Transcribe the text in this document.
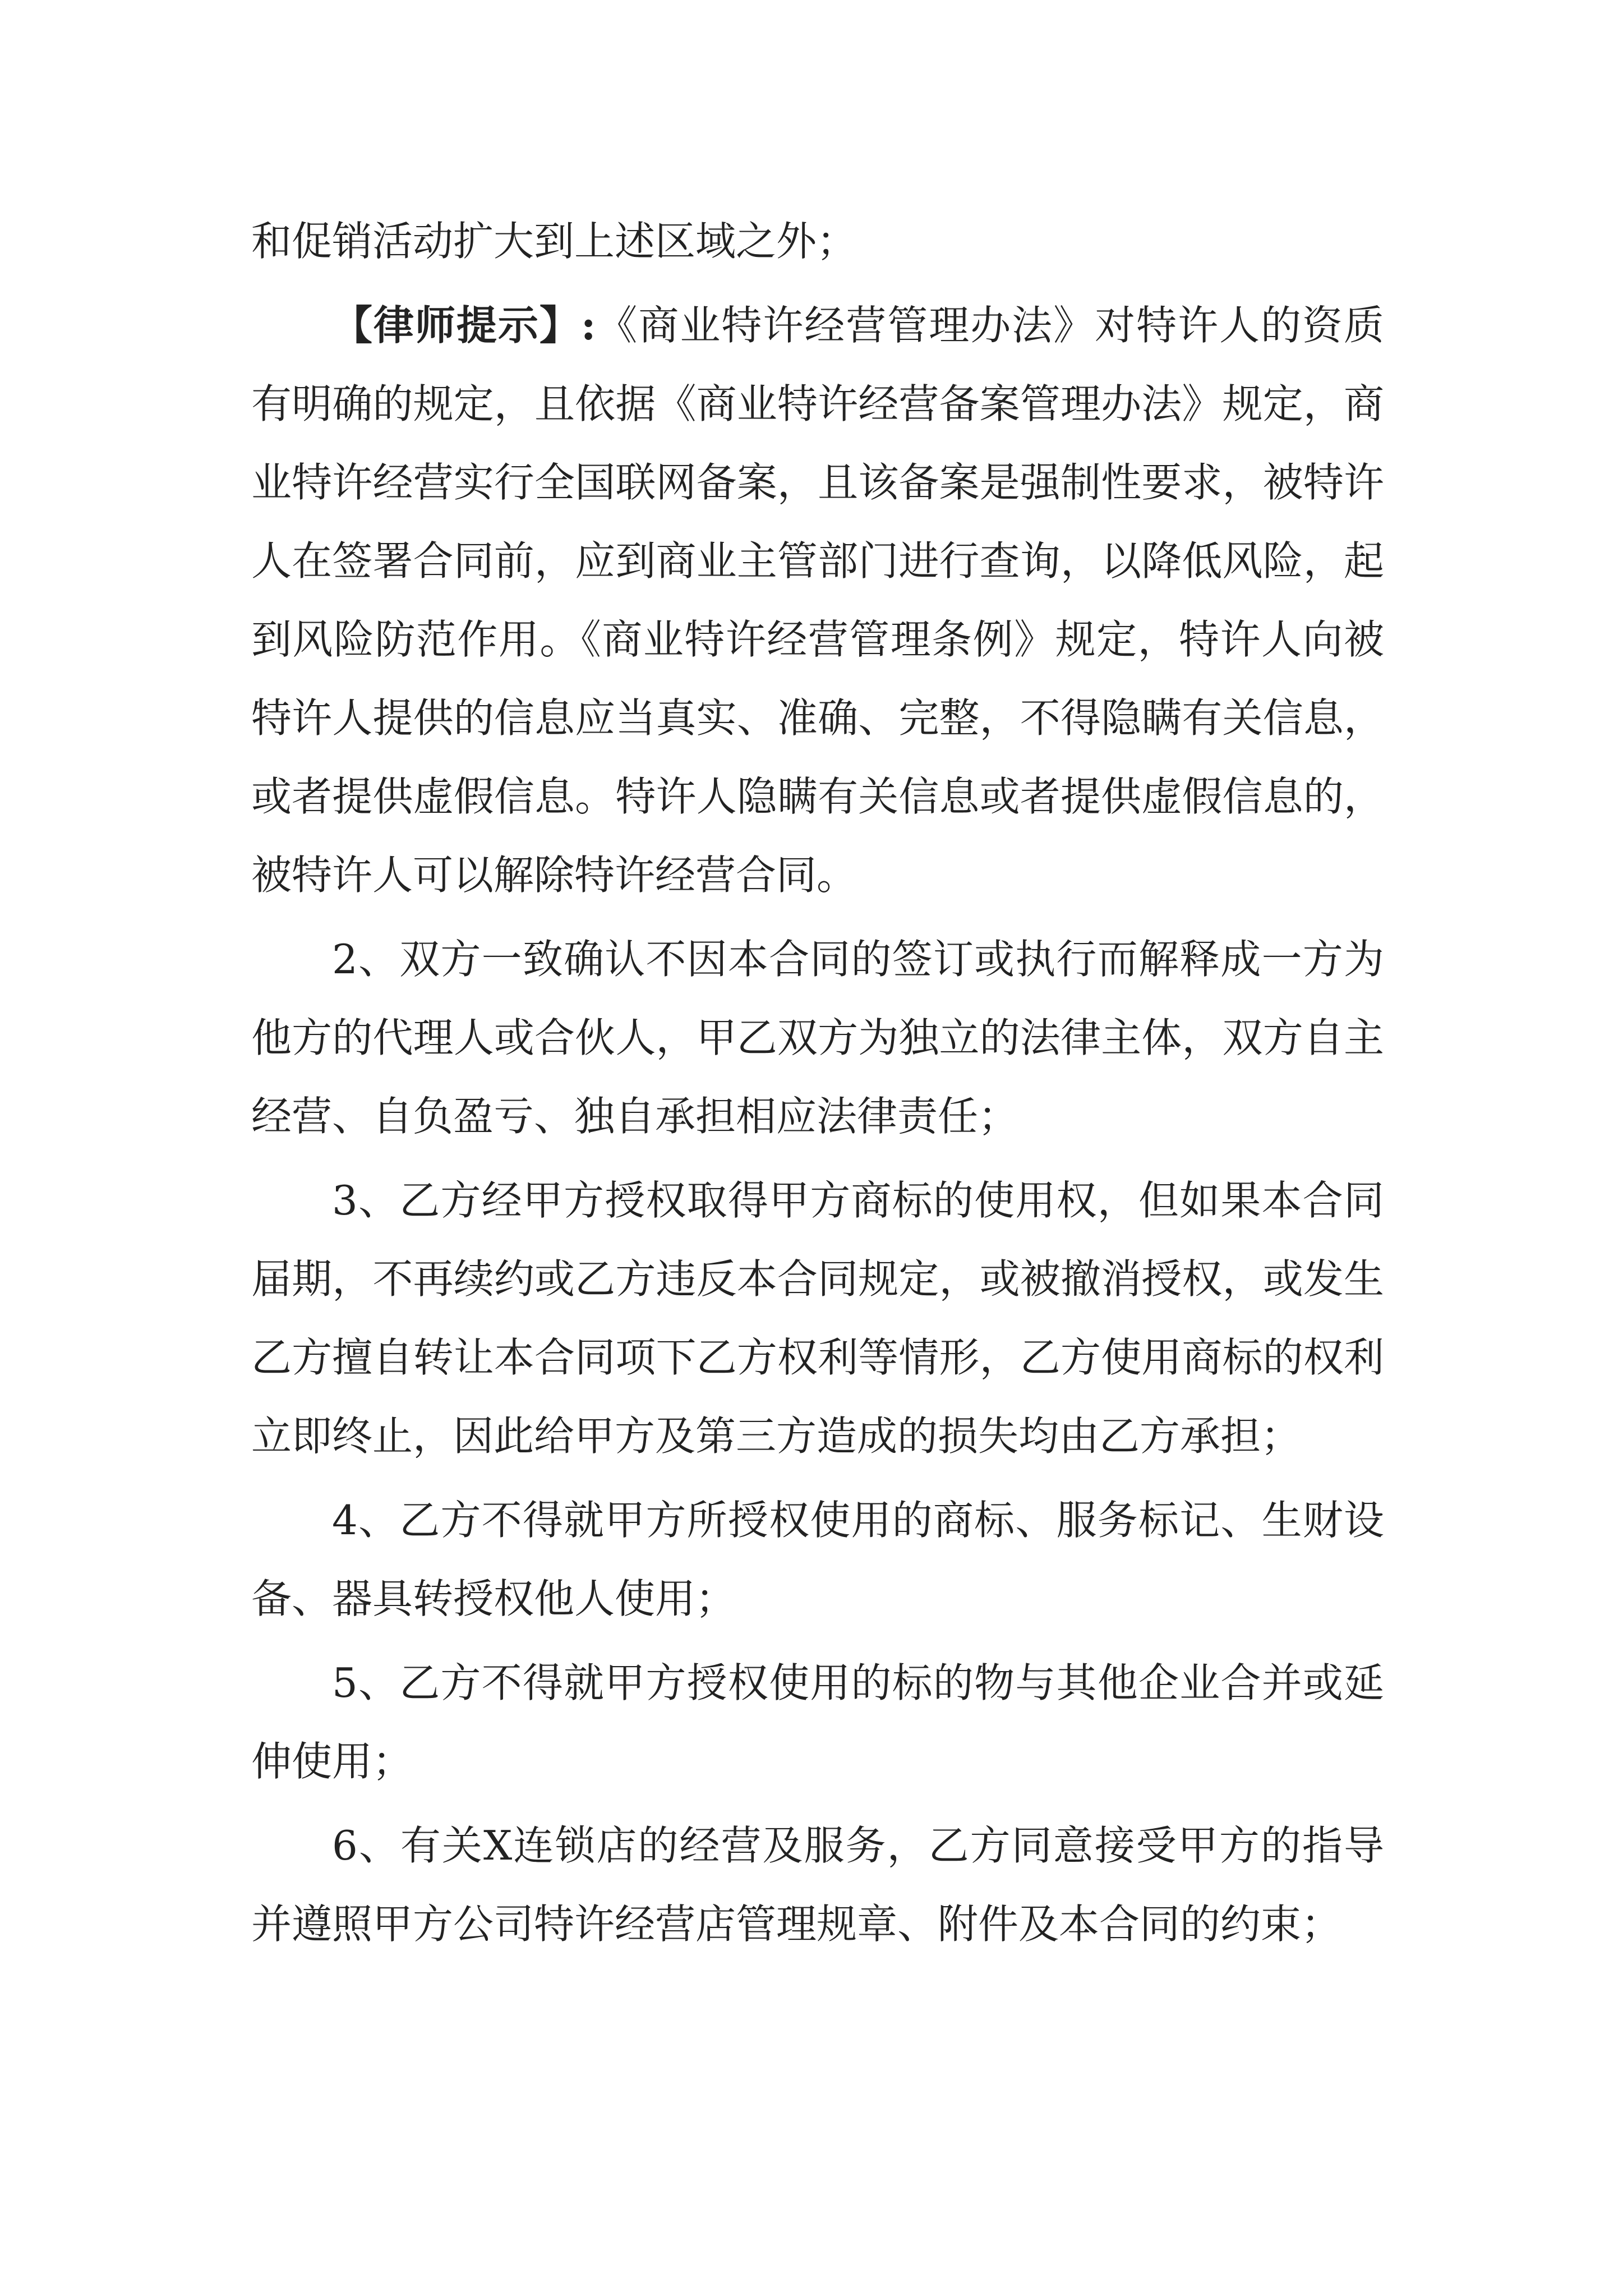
和促销活动扩大到上述区域之外；

【律师提示】:《商业特许经营管理办法》对特许人的资质有明确的规定，且依据《商业特许经营备案管理办法》规定，商业特许经营实行全国联网备案，且该备案是强制性要求，被特许人在签署合同前，应到商业主管部门进行查询，以降低风险，起到风险防范作用。《商业特许经营管理条例》规定，特许人向被特许人提供的信息应当真实、准确、完整，不得隐瞒有关信息，或者提供虚假信息。特许人隐瞒有关信息或者提供虚假信息的，被特许人可以解除特许经营合同。

2、双方一致确认不因本合同的签订或执行而解释成一方为他方的代理人或合伙人，甲乙双方为独立的法律主体，双方自主经营、自负盈亏、独自承担相应法律责任；

3、乙方经甲方授权取得甲方商标的使用权，但如果本合同届期，不再续约或乙方违反本合同规定，或被撤消授权，或发生乙方擅自转让本合同项下乙方权利等情形，乙方使用商标的权利立即终止，因此给甲方及第三方造成的损失均由乙方承担；

4、乙方不得就甲方所授权使用的商标、服务标记、生财设备、器具转授权他人使用；

5、乙方不得就甲方授权使用的标的物与其他企业合并或延伸使用；

6、有关X连锁店的经营及服务，乙方同意接受甲方的指导并遵照甲方公司特许经营店管理规章、附件及本合同的约束；
